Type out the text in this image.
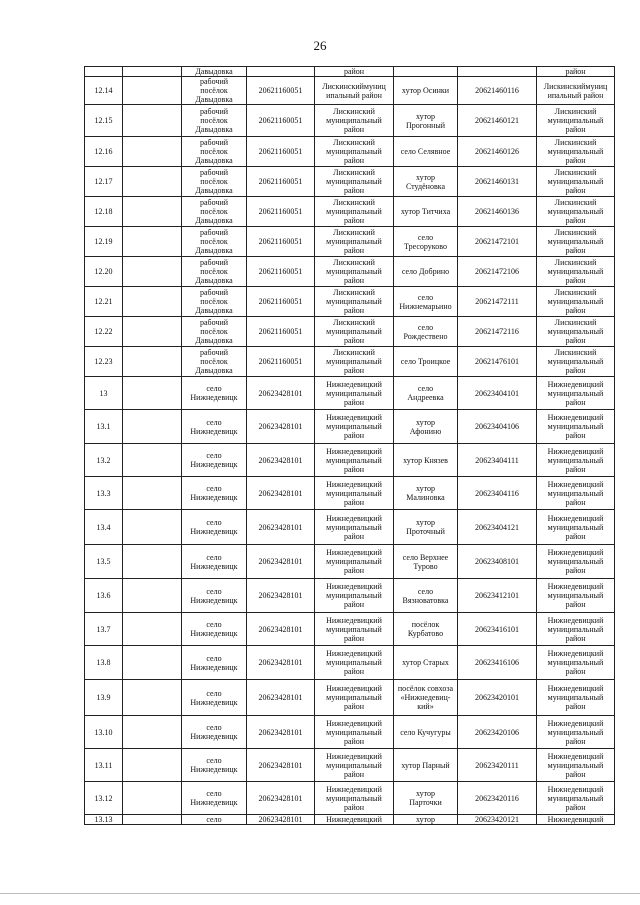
26
		Давыдовка		район			район
12.14		рабочий
посёлок
Давыдовка	20621160051	Лискинскиймуниц
ипальный район	хутор Осинки	20621460116	Лискинскиймуниц
ипальный район
12.15		рабочий
посёлок
Давыдовка	20621160051	Лискинский
муниципальный
район	хутор
Прогонный	20621460121	Лискинский
муниципальный
район
12.16		рабочий
посёлок
Давыдовка	20621160051	Лискинский
муниципальный
район	село Селявное	20621460126	Лискинский
муниципальный
район
12.17		рабочий
посёлок
Давыдовка	20621160051	Лискинский
муниципальный
район	хутор
Студёновка	20621460131	Лискинский
муниципальный
район
12.18		рабочий
посёлок
Давыдовка	20621160051	Лискинский
муниципальный
район	хутор Титчиха	20621460136	Лискинский
муниципальный
район
12.19		рабочий
посёлок
Давыдовка	20621160051	Лискинский
муниципальный
район	село
Тресоруково	20621472101	Лискинский
муниципальный
район
12.20		рабочий
посёлок
Давыдовка	20621160051	Лискинский
муниципальный
район	село Добрино	20621472106	Лискинский
муниципальный
район
12.21		рабочий
посёлок
Давыдовка	20621160051	Лискинский
муниципальный
район	село
Нижнемарьино	20621472111	Лискинский
муниципальный
район
12.22		рабочий
посёлок
Давыдовка	20621160051	Лискинский
муниципальный
район	село
Рождествено	20621472116	Лискинский
муниципальный
район
12.23		рабочий
посёлок
Давыдовка	20621160051	Лискинский
муниципальный
район	село Троицкое	20621476101	Лискинский
муниципальный
район
13		село
Нижнедевицк	20623428101	Нижнедевицкий
муниципальный
район	село
Андреевка	20623404101	Нижнедевицкий
муниципальный
район
13.1		село
Нижнедевицк	20623428101	Нижнедевицкий
муниципальный
район	хутор
Афонино	20623404106	Нижнедевицкий
муниципальный
район
13.2		село
Нижнедевицк	20623428101	Нижнедевицкий
муниципальный
район	хутор Князев	20623404111	Нижнедевицкий
муниципальный
район
13.3		село
Нижнедевицк	20623428101	Нижнедевицкий
муниципальный
район	хутор
Малиновка	20623404116	Нижнедевицкий
муниципальный
район
13.4		село
Нижнедевицк	20623428101	Нижнедевицкий
муниципальный
район	хутор
Проточный	20623404121	Нижнедевицкий
муниципальный
район
13.5		село
Нижнедевицк	20623428101	Нижнедевицкий
муниципальный
район	село Верхнее
Турово	20623408101	Нижнедевицкий
муниципальный
район
13.6		село
Нижнедевицк	20623428101	Нижнедевицкий
муниципальный
район	село
Вязноватовка	20623412101	Нижнедевицкий
муниципальный
район
13.7		село
Нижнедевицк	20623428101	Нижнедевицкий
муниципальный
район	посёлок
Курбатово	20623416101	Нижнедевицкий
муниципальный
район
13.8		село
Нижнедевицк	20623428101	Нижнедевицкий
муниципальный
район	хутор Старых	20623416106	Нижнедевицкий
муниципальный
район
13.9		село
Нижнедевицк	20623428101	Нижнедевицкий
муниципальный
район	посёлок совхоза
«Нижнедевиц-
кий»	20623420101	Нижнедевицкий
муниципальный
район
13.10		село
Нижнедевицк	20623428101	Нижнедевицкий
муниципальный
район	село Кучугуры	20623420106	Нижнедевицкий
муниципальный
район
13.11		село
Нижнедевицк	20623428101	Нижнедевицкий
муниципальный
район	хутор Парный	20623420111	Нижнедевицкий
муниципальный
район
13.12		село
Нижнедевицк	20623428101	Нижнедевицкий
муниципальный
район	хутор
Парточки	20623420116	Нижнедевицкий
муниципальный
район
13.13		село	20623428101	Нижнедевицкий	хутор	20623420121	Нижнедевицкий
